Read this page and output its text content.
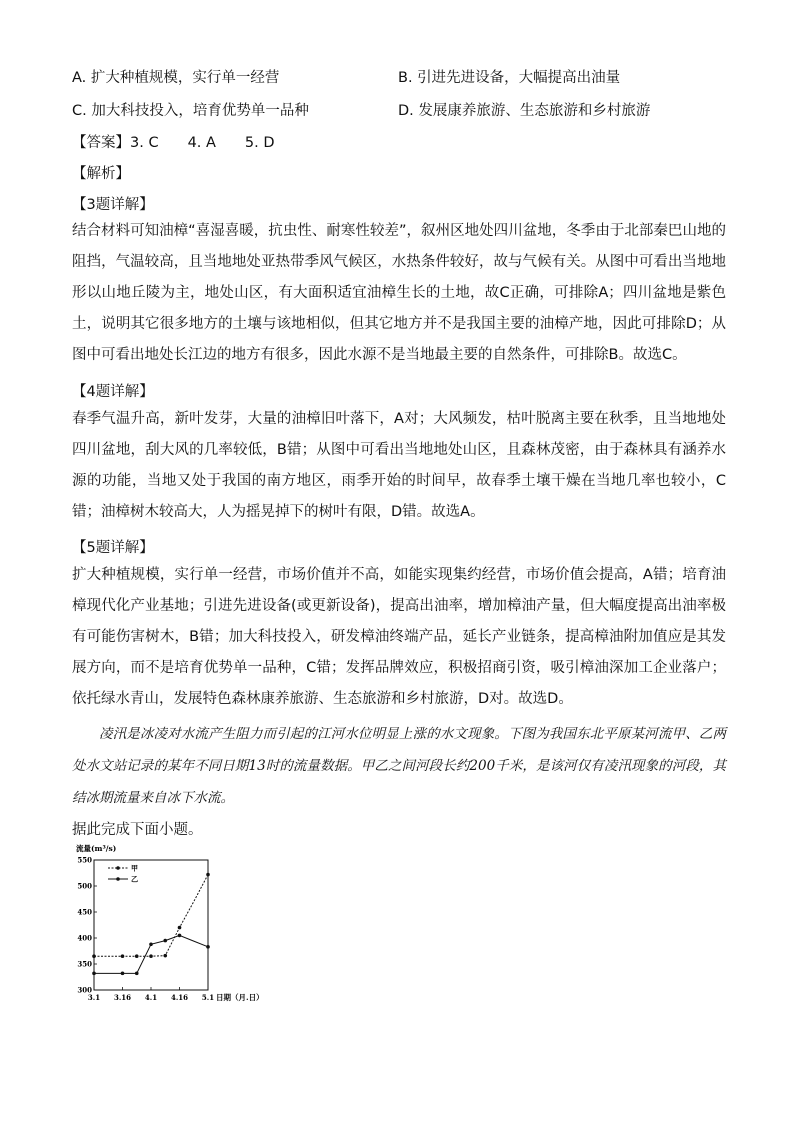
A. 扩大种植规模，实行单一经营	B. 引进先进设备，大幅提高出油量
C. 加大科技投入，培育优势单一品种	D. 发展康养旅游、生态旅游和乡村旅游
【答案】3. C　　4. A　　5. D
【解析】
【3题详解】
结合材料可知油樟“喜湿喜暖，抗虫性、耐寒性较差”，叙州区地处四川盆地，冬季由于北部秦巴山地的阻挡，气温较高，且当地地处亚热带季风气候区，水热条件较好，故与气候有关。从图中可看出当地地形以山地丘陵为主，地处山区，有大面积适宜油樟生长的土地，故C正确，可排除A；四川盆地是紫色土，说明其它很多地方的土壤与该地相似，但其它地方并不是我国主要的油樟产地，因此可排除D；从图中可看出地处长江边的地方有很多，因此水源不是当地最主要的自然条件，可排除B。故选C。
【4题详解】
春季气温升高，新叶发芽，大量的油樟旧叶落下，A对；大风频发，枯叶脱离主要在秋季，且当地地处四川盆地，刮大风的几率较低，B错；从图中可看出当地地处山区，且森林茂密，由于森林具有涵养水源的功能，当地又处于我国的南方地区，雨季开始的时间早，故春季土壤干燥在当地几率也较小，C错；油樟树木较高大，人为摇晃掉下的树叶有限，D错。故选A。
【5题详解】
扩大种植规模，实行单一经营，市场价值并不高，如能实现集约经营，市场价值会提高，A错；培育油樟现代化产业基地；引进先进设备(或更新设备)，提高出油率，增加樟油产量，但大幅度提高出油率极有可能伤害树木，B错；加大科技投入，研发樟油终端产品，延长产业链条，提高樟油附加值应是其发展方向，而不是培育优势单一品种，C错；发挥品牌效应，积极招商引资，吸引樟油深加工企业落户；依托绿水青山，发展特色森林康养旅游、生态旅游和乡村旅游，D对。故选D。
凌汛是冰凌对水流产生阻力而引起的江河水位明显上涨的水文现象。下图为我国东北平原某河流甲、乙两处水文站记录的某年不同日期13时的流量数据。甲乙之间河段长约200千米，是该河仅有凌汛现象的河段，其结冰期流量来自冰下水流。
据此完成下面小题。
流量(m³/s)
300
350
400
450
500
550
3.1 3.16 4.1 4.16 5.1
甲
乙
日期（月.日）
